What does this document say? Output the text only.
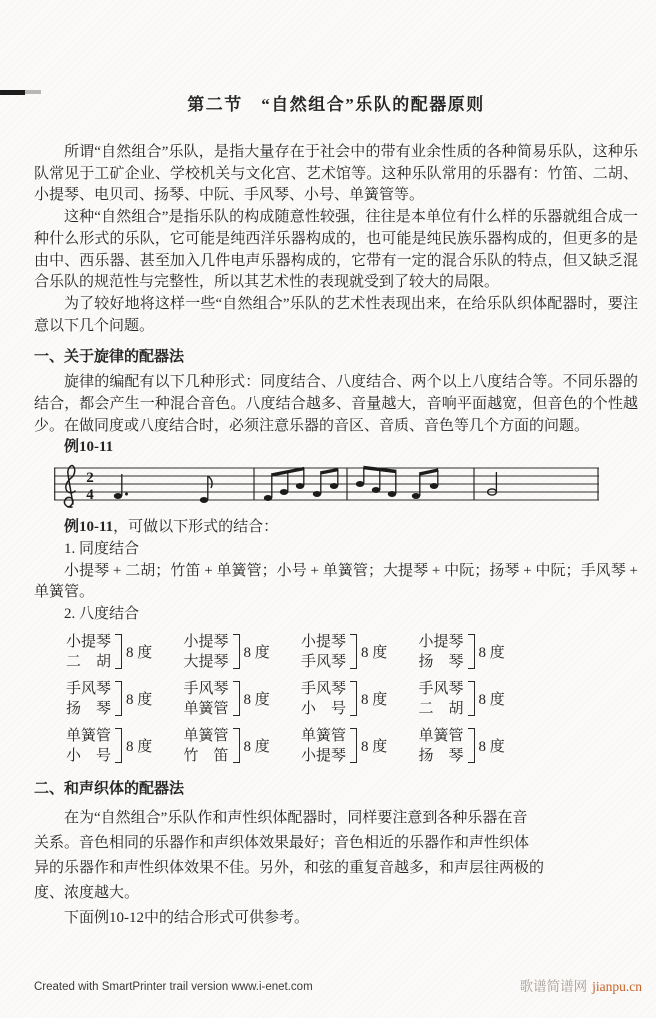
第二节　“自然组合”乐队的配器原则

所谓“自然组合”乐队，是指大量存在于社会中的带有业余性质的各种简易乐队，这种乐队常见于工矿企业、学校机关与文化宫、艺术馆等。这种乐队常用的乐器有：竹笛、二胡、小提琴、电贝司、扬琴、中阮、手风琴、小号、单簧管等。

这种“自然组合”是指乐队的构成随意性较强，往往是本单位有什么样的乐器就组合成一种什么形式的乐队，它可能是纯西洋乐器构成的，也可能是纯民族乐器构成的，但更多的是由中、西乐器、甚至加入几件电声乐器构成的，它带有一定的混合乐队的特点，但又缺乏混合乐队的规范性与完整性，所以其艺术性的表现就受到了较大的局限。

为了较好地将这样一些“自然组合”乐队的艺术性表现出来，在给乐队织体配器时，要注意以下几个问题。

一、关于旋律的配器法

旋律的编配有以下几种形式：同度结合、八度结合、两个以上八度结合等。不同乐器的结合，都会产生一种混合音色。八度结合越多、音量越大，音响平面越宽，但音色的个性越少。在做同度或八度结合时，必须注意乐器的音区、音质、音色等几个方面的问题。

例10-11

2
4

例10-11，可做以下形式的结合：

1. 同度结合

小提琴 + 二胡；竹笛 + 单簧管；小号 + 单簧管；大提琴 + 中阮；扬琴 + 中阮；手风琴 + 单簧管。

2. 八度结合

小提琴
二　胡
8 度
小提琴
大提琴
8 度
小提琴
手风琴
8 度
小提琴
扬　琴
8 度
手风琴
扬　琴
8 度
手风琴
单簧管
8 度
手风琴
小　号
8 度
手风琴
二　胡
8 度
单簧管
小　号
8 度
单簧管
竹　笛
8 度
单簧管
小提琴
8 度
单簧管
扬　琴
8 度

二、和声织体的配器法

在为“自然组合”乐队作和声性织体配器时，同样要注意到各种乐器在音
关系。音色相同的乐器作和声织体效果最好；音色相近的乐器作和声性织体
异的乐器作和声性织体效果不佳。另外，和弦的重复音越多，和声层往两极的
度、浓度越大。

下面例10-12中的结合形式可供参考。

Created with SmartPrinter trail version www.i-enet.com	歌谱简谱网 jianpu.cn
